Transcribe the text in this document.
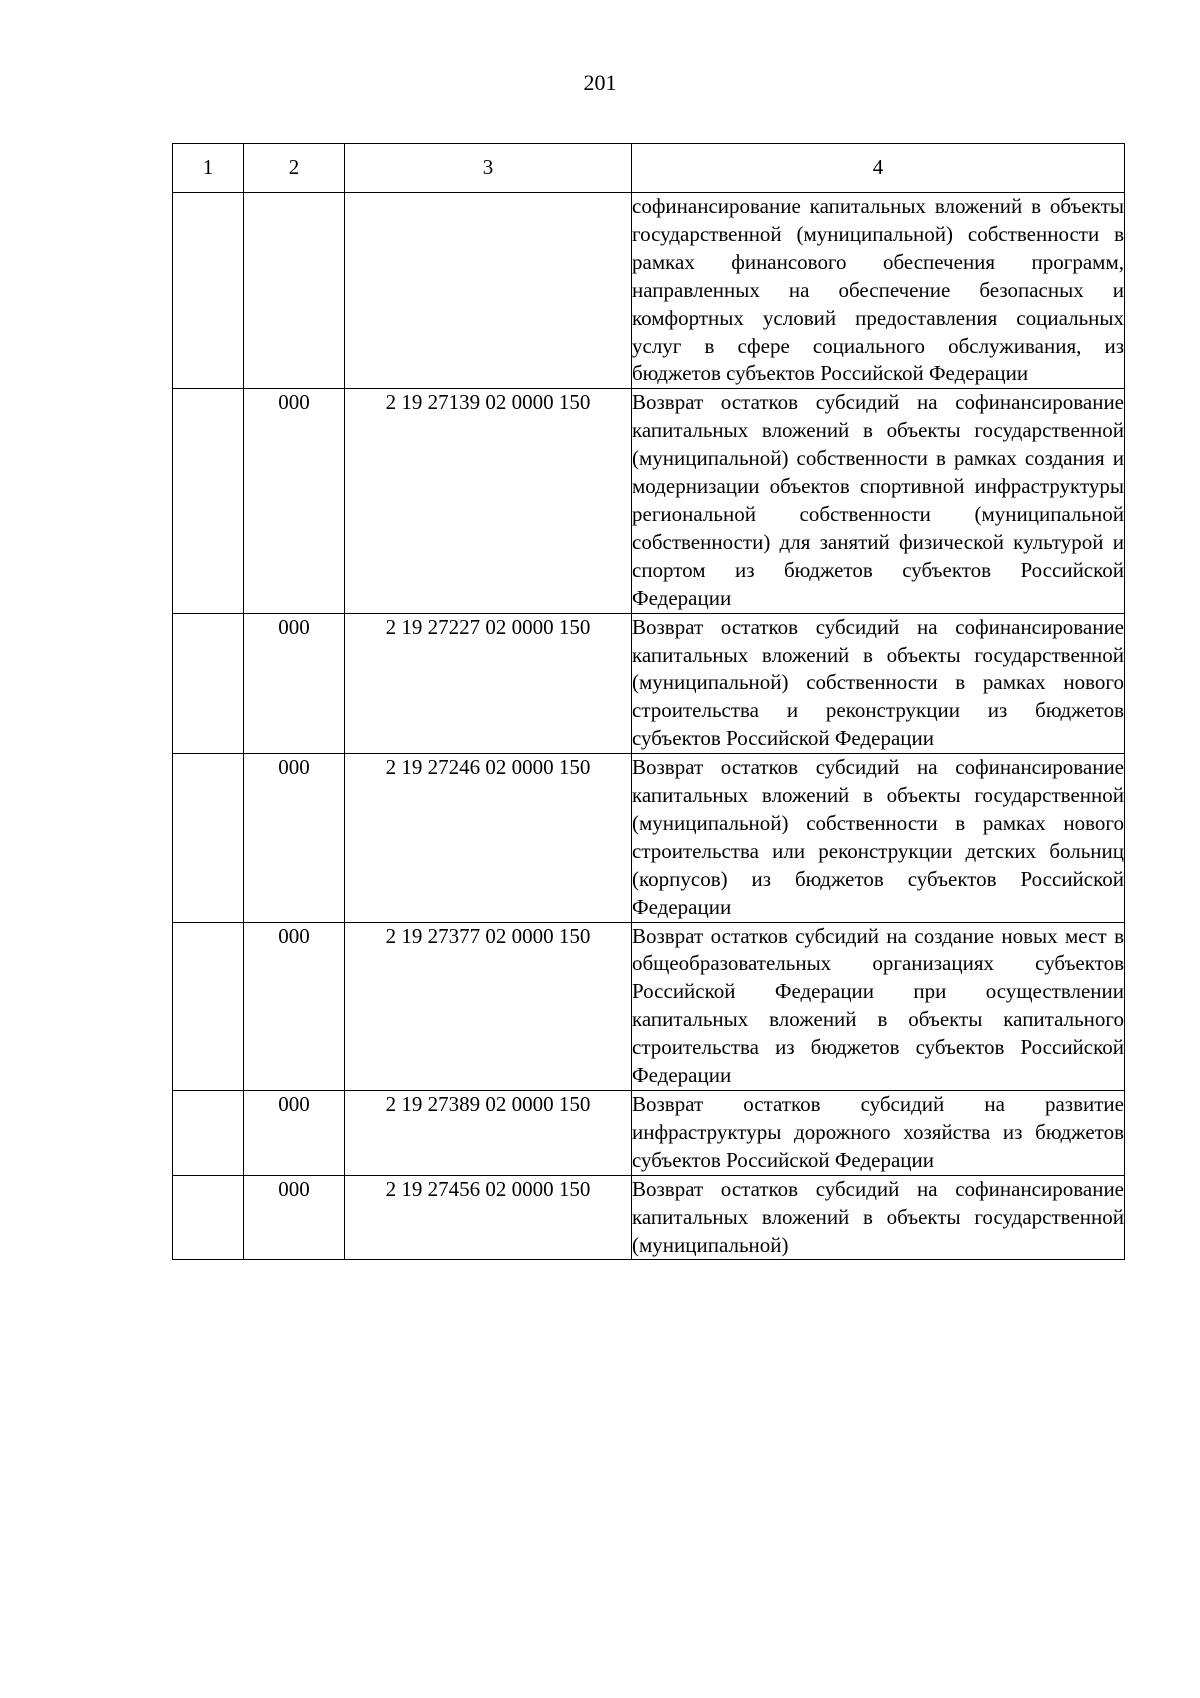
201
1	2	3	4
			софинансирование капитальных вложений в объекты государственной (муниципальной) собственности в рамках финансового обеспечения программ, направленных на обеспечение безопасных и комфортных условий предоставления социальных услуг в сфере социального обслуживания, из бюджетов субъектов Российской Федерации
	000	2 19 27139 02 0000 150	Возврат остатков субсидий на софинансирование капитальных вложений в объекты государственной (муниципальной) собственности в рамках создания и модернизации объектов спортивной инфраструктуры региональной собственности (муниципальной собственности) для занятий физической культурой и спортом из бюджетов субъектов Российской Федерации
	000	2 19 27227 02 0000 150	Возврат остатков субсидий на софинансирование капитальных вложений в объекты государственной (муниципальной) собственности в рамках нового строительства и реконструкции из бюджетов субъектов Российской Федерации
	000	2 19 27246 02 0000 150	Возврат остатков субсидий на софинансирование капитальных вложений в объекты государственной (муниципальной) собственности в рамках нового строительства или реконструкции детских больниц (корпусов) из бюджетов субъектов Российской Федерации
	000	2 19 27377 02 0000 150	Возврат остатков субсидий на создание новых мест в общеобразовательных организациях субъектов Российской Федерации при осуществлении капитальных вложений в объекты капитального строительства из бюджетов субъектов Российской Федерации
	000	2 19 27389 02 0000 150	Возврат остатков субсидий на развитие инфраструктуры дорожного хозяйства из бюджетов субъектов Российской Федерации
	000	2 19 27456 02 0000 150	Возврат остатков субсидий на софинансирование капитальных вложений в объекты государственной (муниципальной)
